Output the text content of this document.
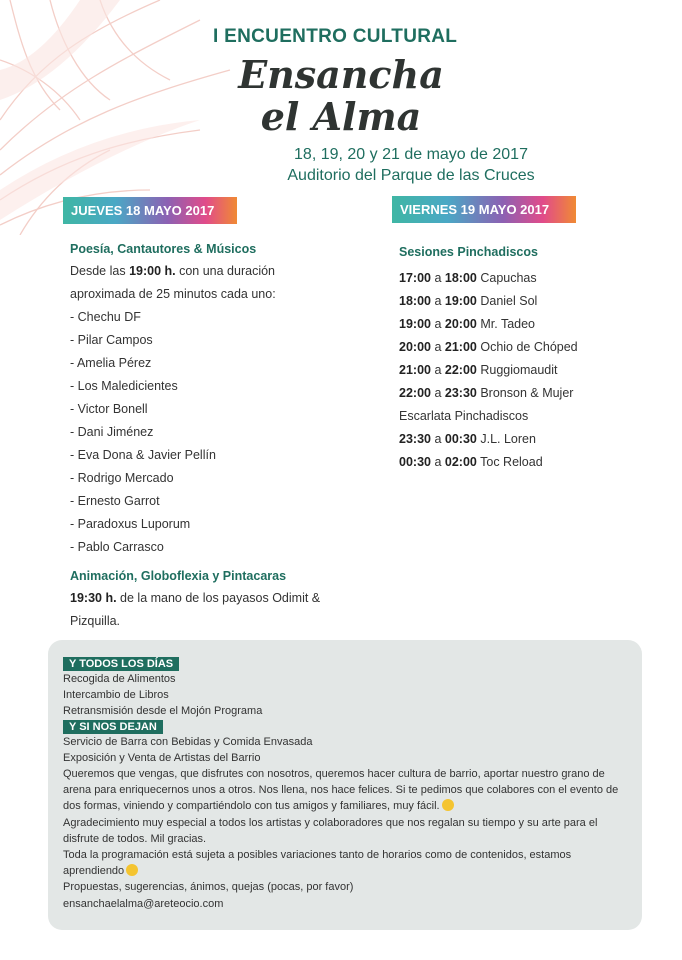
I ENCUENTRO CULTURAL
Ensancha
el Alma
18, 19, 20 y 21 de mayo de 2017
Auditorio del Parque de las Cruces
JUEVES 18 MAYO 2017	VIERNES 19 MAYO 2017
Poesía, Cantautores & Músicos
Desde las 19:00 h. con una duración
aproximada de 25 minutos cada uno:
- Chechu DF
- Pilar Campos
- Amelia Pérez
- Los Maledicientes
- Victor Bonell
- Dani Jiménez
- Eva Dona & Javier Pellín
- Rodrigo Mercado
- Ernesto Garrot
- Paradoxus Luporum
- Pablo Carrasco
Animación, Globoflexia y Pintacaras
19:30 h. de la mano de los payasos Odimit &
Pizquilla.
Sesiones Pinchadiscos
17:00 a 18:00 Capuchas
18:00 a 19:00 Daniel Sol
19:00 a 20:00 Mr. Tadeo
20:00 a 21:00 Ochio de Chóped
21:00 a 22:00 Ruggiomaudit
22:00 a 23:30 Bronson & Mujer
Escarlata Pinchadiscos
23:30 a 00:30 J.L. Loren
00:30 a 02:00 Toc Reload
Y TODOS LOS DÍAS
Recogida de Alimentos
Intercambio de Libros
Retransmisión desde el Mojón Programa
Y SI NOS DEJAN
Servicio de Barra con Bebidas y Comida Envasada
Exposición y Venta de Artistas del Barrio
Queremos que vengas, que disfrutes con nosotros, queremos hacer cultura de barrio, aportar nuestro grano de arena para enriquecernos unos a otros. Nos llena, nos hace felices. Si te pedimos que colabores con el evento de dos formas, viniendo y compartiéndolo con tus amigos y familiares, muy fácil.
Agradecimiento muy especial a todos los artistas y colaboradores que nos regalan su tiempo y su arte para el disfrute de todos. Mil gracias.
Toda la programación está sujeta a posibles variaciones tanto de horarios como de contenidos, estamos aprendiendo
Propuestas, sugerencias, ánimos, quejas (pocas, por favor)
ensanchaelalma@areteocio.com
